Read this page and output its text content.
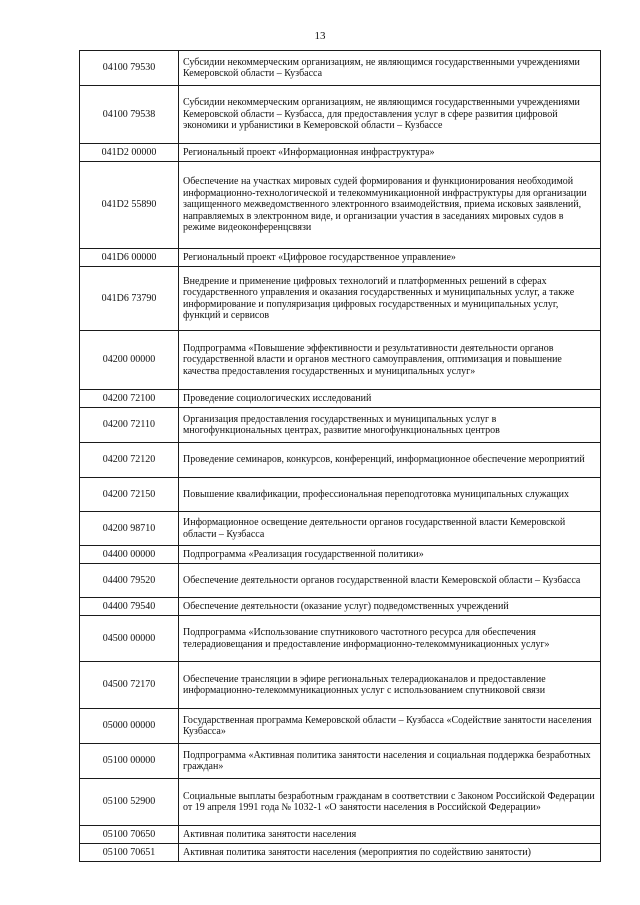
13
04100 79530	Субсидии некоммерческим организациям, не являющимся государственными учреждениями Кемеровской области – Кузбасса
04100 79538	Субсидии некоммерческим организациям, не являющимся государственными учреждениями Кемеровской области – Кузбасса, для предоставления услуг в сфере развития цифровой экономики и урбанистики в Кемеровской области – Кузбассе
041D2 00000	Региональный проект «Информационная инфраструктура»
041D2 55890	Обеспечение на участках мировых судей формирования и функционирования необходимой информационно-технологической и телекоммуникационной инфраструктуры для организации защищенного межведомственного электронного взаимодействия, приема исковых заявлений, направляемых в электронном виде, и организации участия в заседаниях мировых судов в режиме видеоконференцсвязи
041D6 00000	Региональный проект «Цифровое государственное управление»
041D6 73790	Внедрение и применение цифровых технологий и платформенных решений в сферах государственного управления и оказания государственных и муниципальных услуг, а также информирование и популяризация цифровых государственных и муниципальных услуг, функций и сервисов
04200 00000	Подпрограмма «Повышение эффективности и результативности деятельности органов государственной власти и органов местного самоуправления, оптимизация и повышение качества предоставления государственных и муниципальных услуг»
04200 72100	Проведение социологических исследований
04200 72110	Организация предоставления государственных и муниципальных услуг в многофункциональных центрах, развитие многофункциональных центров
04200 72120	Проведение семинаров, конкурсов, конференций, информационное обеспечение мероприятий
04200 72150	Повышение квалификации, профессиональная переподготовка муниципальных служащих
04200 98710	Информационное освещение деятельности органов государственной власти Кемеровской области – Кузбасса
04400 00000	Подпрограмма «Реализация государственной политики»
04400 79520	Обеспечение деятельности органов государственной власти Кемеровской области – Кузбасса
04400 79540	Обеспечение деятельности (оказание услуг) подведомственных учреждений
04500 00000	Подпрограмма «Использование спутникового частотного ресурса для обеспечения телерадиовещания и предоставление информационно-телекоммуникационных услуг»
04500 72170	Обеспечение трансляции в эфире региональных телерадиоканалов и предоставление информационно-телекоммуникационных услуг с использованием спутниковой связи
05000 00000	Государственная программа Кемеровской области – Кузбасса «Содействие занятости населения Кузбасса»
05100 00000	Подпрограмма «Активная политика занятости населения и социальная поддержка безработных граждан»
05100 52900	Социальные выплаты безработным гражданам в соответствии с Законом Российской Федерации от 19 апреля 1991 года № 1032-1 «О занятости населения в Российской Федерации»
05100 70650	Активная политика занятости населения
05100 70651	Активная политика занятости населения (мероприятия по содействию занятости)
